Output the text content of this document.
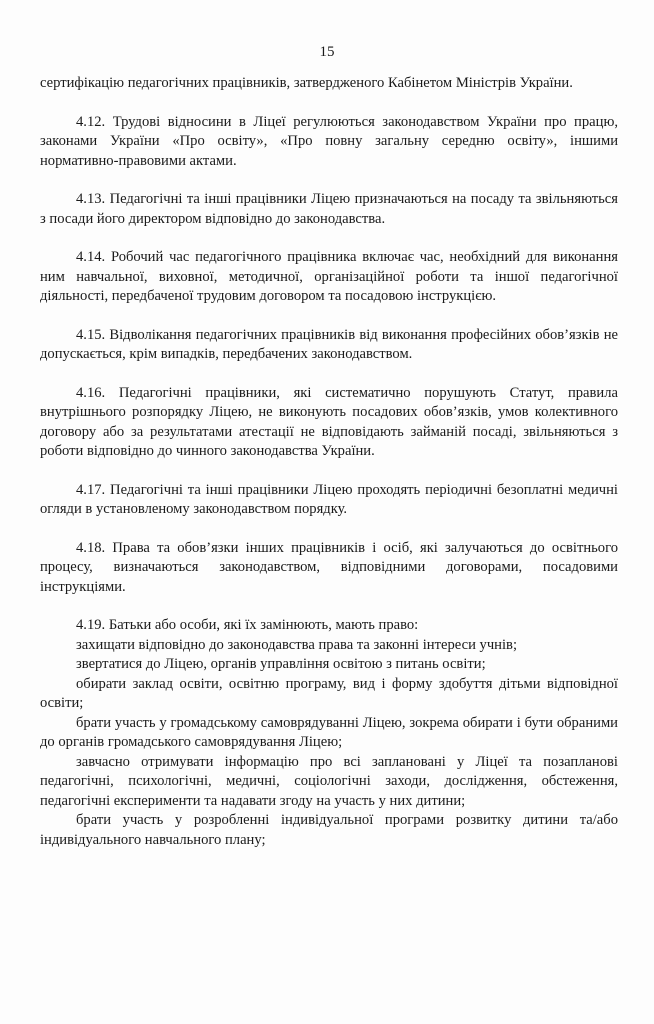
15

сертифікацію педагогічних працівників, затвердженого Кабінетом Міністрів України.

4.12. Трудові відносини в Ліцеї регулюються законодавством України про працю, законами України «Про освіту», «Про повну загальну середню освіту», іншими нормативно-правовими актами.

4.13. Педагогічні та інші працівники Ліцею призначаються на посаду та звільняються з посади його директором відповідно до законодавства.

4.14. Робочий час педагогічного працівника включає час, необхідний для виконання ним навчальної, виховної, методичної, організаційної роботи та іншої педагогічної діяльності, передбаченої трудовим договором та посадовою інструкцією.

4.15. Відволікання педагогічних працівників від виконання професійних обов’язків не допускається, крім випадків, передбачених законодавством.

4.16. Педагогічні працівники, які систематично порушують Статут, правила внутрішнього розпорядку Ліцею, не виконують посадових обов’язків, умов колективного договору або за результатами атестації не відповідають займаній посаді, звільняються з роботи відповідно до чинного законодавства України.

4.17. Педагогічні та інші працівники Ліцею проходять періодичні безоплатні медичні огляди в установленому законодавством порядку.

4.18. Права та обов’язки інших працівників і осіб, які залучаються до освітнього процесу, визначаються законодавством, відповідними договорами, посадовими інструкціями.

4.19. Батьки або особи, які їх замінюють, мають право:

захищати відповідно до законодавства права та законні інтереси учнів;

звертатися до Ліцею, органів управління освітою з питань освіти;

обирати заклад освіти, освітню програму, вид і форму здобуття дітьми відповідної освіти;

брати участь у громадському самоврядуванні Ліцею, зокрема обирати і бути обраними до органів громадського самоврядування Ліцею;

завчасно отримувати інформацію про всі заплановані у Ліцеї та позапланові педагогічні, психологічні, медичні, соціологічні заходи, дослідження, обстеження, педагогічні експерименти та надавати згоду на участь у них дитини;

брати участь у розробленні індивідуальної програми розвитку дитини та/або індивідуального навчального плану;
